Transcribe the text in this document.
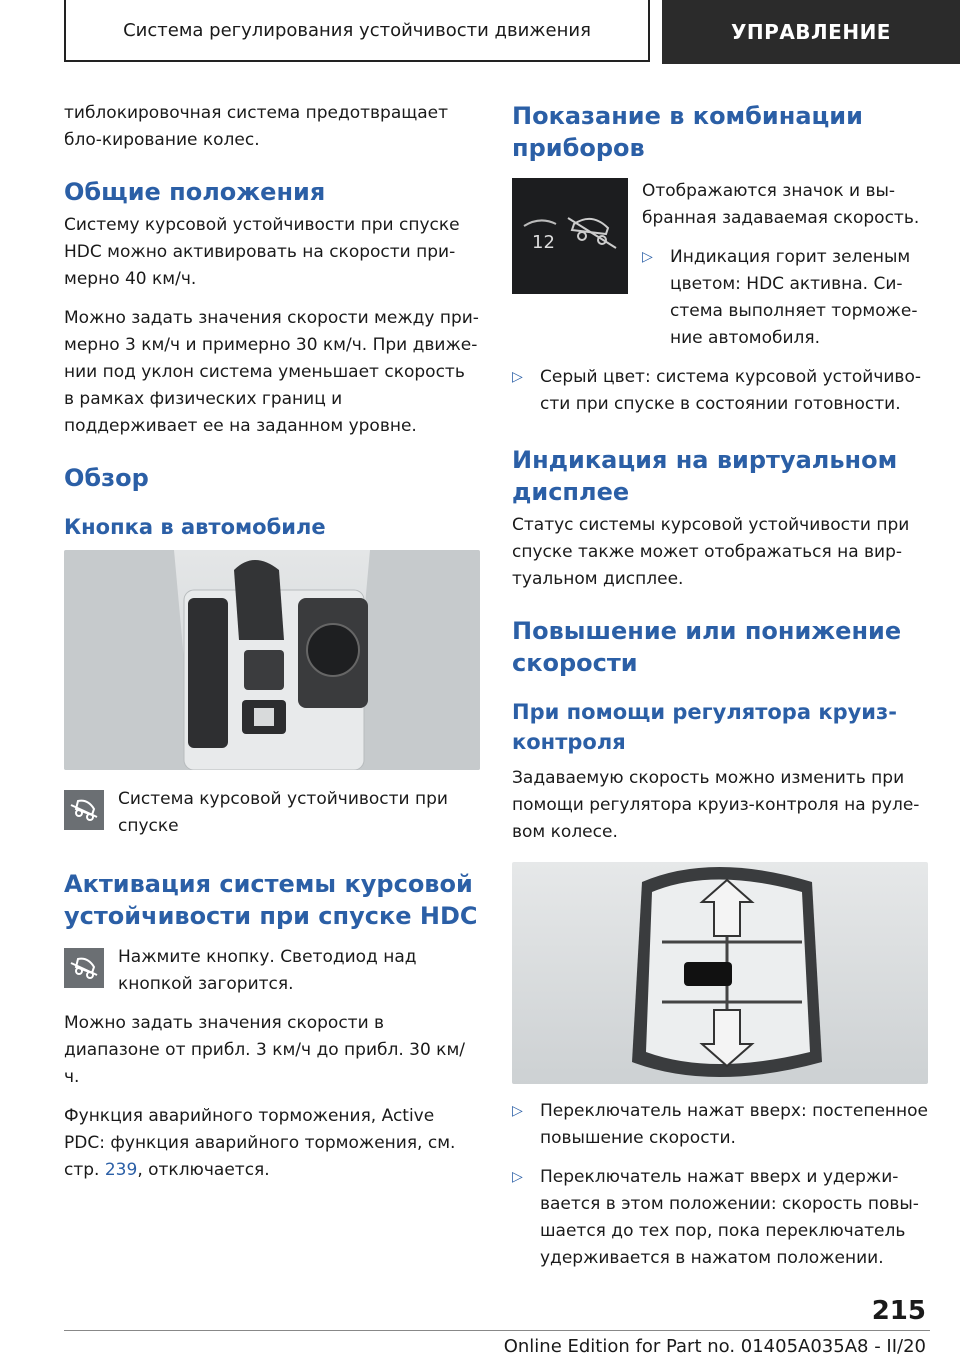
Система регулирования устойчивости движения	УПРАВЛЕНИЕ

тиблокировочная система предотвращает бло-кирование колес.

Общие положения

Систему курсовой устойчивости при спуске HDC можно активировать на скорости при-мерно 40 км/ч.

Можно задать значения скорости между при-мерно 3 км/ч и примерно 30 км/ч. При движе-нии под уклон система уменьшает скорость в рамках физических границ и поддерживает ее на заданном уровне.

Обзор
Кнопка в автомобиле

Система курсовой устойчивости при спуске

Активация системы курсовой устойчивости при спуске HDC

Нажмите кнопку. Светодиод над кнопкой загорится.

Можно задать значения скорости в диапазоне от прибл. 3 км/ч до прибл. 30 км/ч.

Функция аварийного торможения, Active PDC: функция аварийного торможения, см. стр. 239, отключается.

Показание в комбинации приборов
12

Отображаются значок и вы-бранная задаваемая скорость.

▷	Индикация горит зеленым цветом: HDC активна. Си-стема выполняет торможе-ние автомобиля.

▷	Серый цвет: система курсовой устойчиво-сти при спуске в состоянии готовности.

Индикация на виртуальном дисплее

Статус системы курсовой устойчивости при спуске также может отображаться на вир-туальном дисплее.

Повышение или понижение скорости
При помощи регулятора круиз-контроля

Задаваемую скорость можно изменить при помощи регулятора круиз-контроля на руле-вом колесе.

▷	Переключатель нажат вверх: постепенное повышение скорости.

▷	Переключатель нажат вверх и удержи-вается в этом положении: скорость повы-шается до тех пор, пока переключатель удерживается в нажатом положении.

215
Online Edition for Part no. 01405A035A8 - II/20
